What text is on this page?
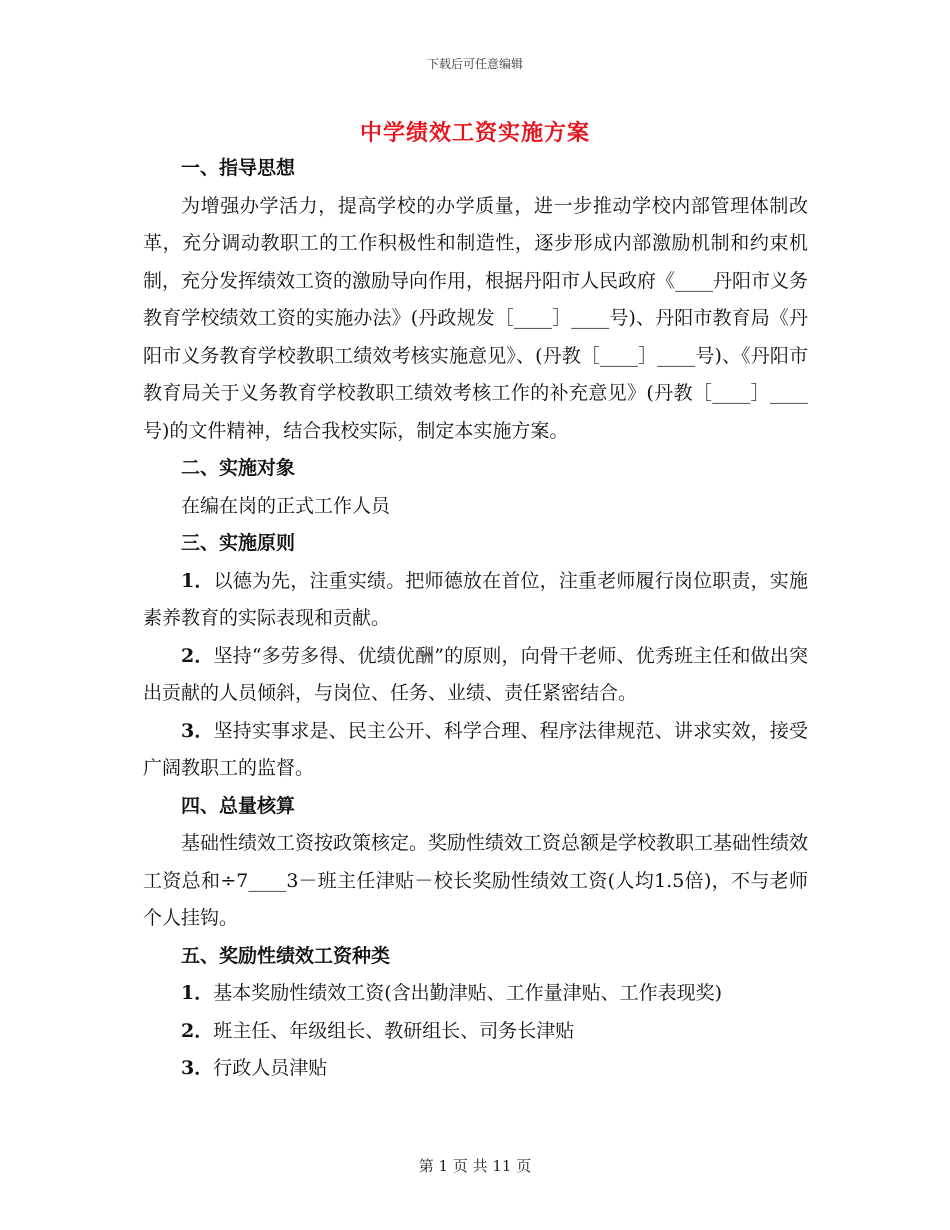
下载后可任意编辑
中学绩效工资实施方案

一、指导思想

为增强办学活力，提高学校的办学质量，进一步推动学校内部管理体制改革，充分调动教职工的工作积极性和制造性，逐步形成内部激励机制和约束机制，充分发挥绩效工资的激励导向作用，根据丹阳市人民政府《____丹阳市义务教育学校绩效工资的实施办法》(丹政规发［____］____号)、丹阳市教育局《丹阳市义务教育学校教职工绩效考核实施意见》、(丹教［____］____号)、《丹阳市教育局关于义务教育学校教职工绩效考核工作的补充意见》(丹教［____］____号)的文件精神，结合我校实际，制定本实施方案。

二、实施对象

在编在岗的正式工作人员

三、实施原则

1．以德为先，注重实绩。把师德放在首位，注重老师履行岗位职责，实施素养教育的实际表现和贡献。

2．坚持“多劳多得、优绩优酬”的原则，向骨干老师、优秀班主任和做出突出贡献的人员倾斜，与岗位、任务、业绩、责任紧密结合。

3．坚持实事求是、民主公开、科学合理、程序法律规范、讲求实效，接受广阔教职工的监督。

四、总量核算

基础性绩效工资按政策核定。奖励性绩效工资总额是学校教职工基础性绩效工资总和÷7____3－班主任津贴－校长奖励性绩效工资(人均1.5倍)，不与老师个人挂钩。

五、奖励性绩效工资种类

1．基本奖励性绩效工资(含出勤津贴、工作量津贴、工作表现奖)

2．班主任、年级组长、教研组长、司务长津贴

3．行政人员津贴

第 1 页 共 11 页
